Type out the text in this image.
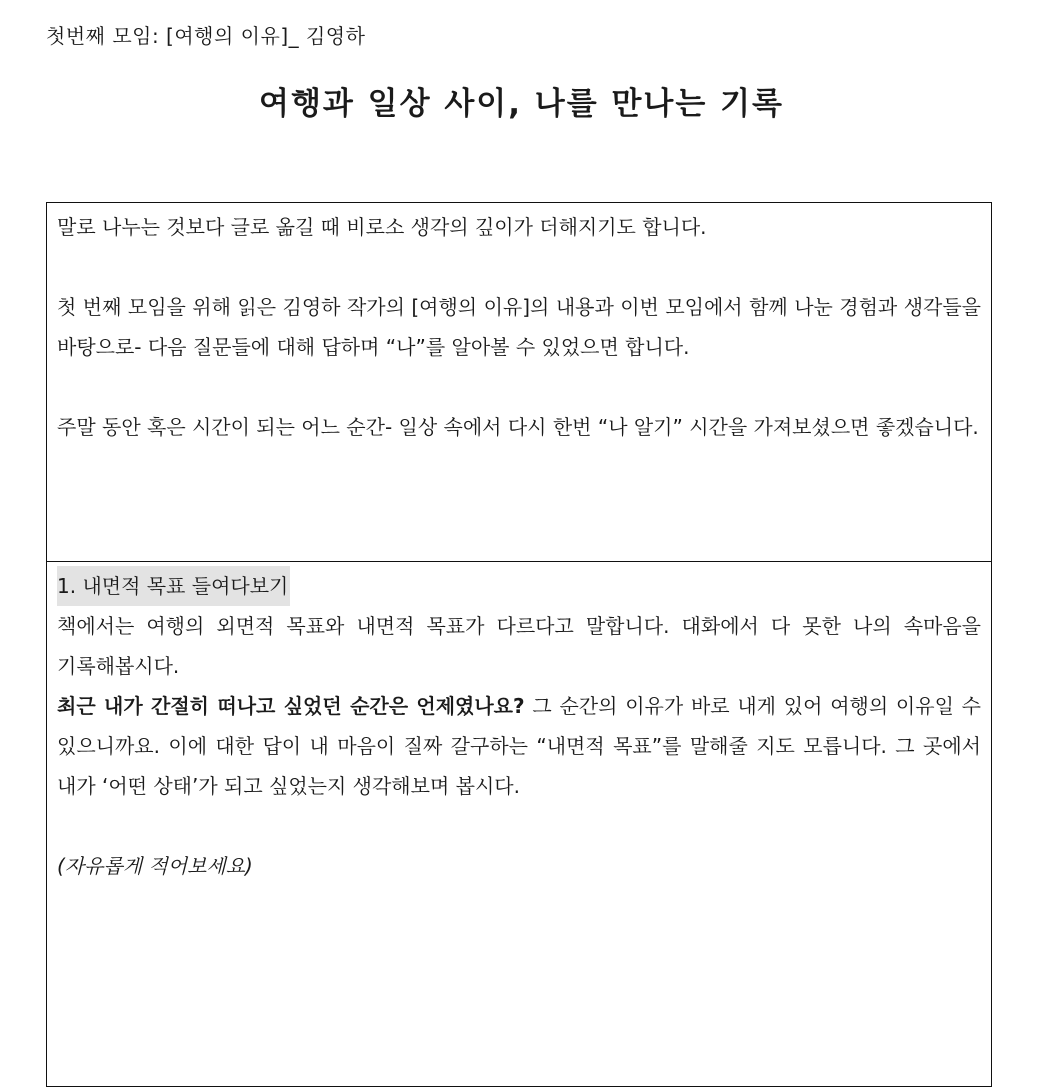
첫번째 모임: [여행의 이유]_ 김영하
여행과 일상 사이, 나를 만나는 기록

말로 나누는 것보다 글로 옮길 때 비로소 생각의 깊이가 더해지기도 합니다.

첫 번째 모임을 위해 읽은 김영하 작가의 [여행의 이유]의 내용과 이번 모임에서 함께 나눈 경험과 생각들을 바탕으로- 다음 질문들에 대해 답하며 “나”를 알아볼 수 있었으면 합니다.

주말 동안 혹은 시간이 되는 어느 순간- 일상 속에서 다시 한번 “나 알기” 시간을 가져보셨으면 좋겠습니다.

1. 내면적 목표 들여다보기

책에서는 여행의 외면적 목표와 내면적 목표가 다르다고 말합니다. 대화에서 다 못한 나의 속마음을 기록해봅시다.

최근 내가 간절히 떠나고 싶었던 순간은 언제였나요? 그 순간의 이유가 바로 내게 있어 여행의 이유일 수 있으니까요. 이에 대한 답이 내 마음이 질짜 갈구하는 “내면적 목표”를 말해줄 지도 모릅니다. 그 곳에서 내가 ‘어떤 상태’가 되고 싶었는지 생각해보며 봅시다.

(자유롭게 적어보세요)
